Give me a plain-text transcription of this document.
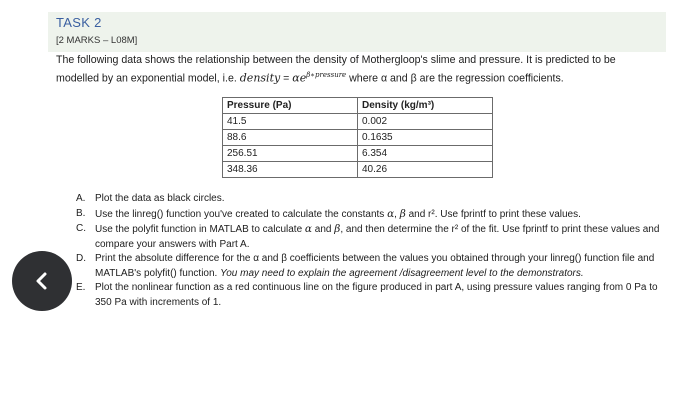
TASK 2
[2 MARKS – L08M]
The following data shows the relationship between the density of Mothergloop's slime and pressure. It is predicted to be
modelled by an exponential model, i.e. density = $\alpha e^{\beta∗pressure}$ where α and β are the regression coefficients.
Pressure (Pa)	Density (kg/m³)
41.5	0.002
88.6	0.1635
256.51	6.354
348.36	40.26
A. Plot the data as black circles.
B. Use the linreg() function you've created to calculate the constants α, β and r². Use fprintf to print these values.
C. Use the polyfit function in MATLAB to calculate α and β, and then determine the r² of the fit. Use fprintf to print these values and compare your answers with Part A.
D. Print the absolute difference for the α and β coefficients between the values you obtained through your linreg() function file and MATLAB's polyfit() function. You may need to explain the agreement /disagreement level to the demonstrators.
E. Plot the nonlinear function as a red continuous line on the figure produced in part A, using pressure values ranging from 0 Pa to 350 Pa with increments of 1.
